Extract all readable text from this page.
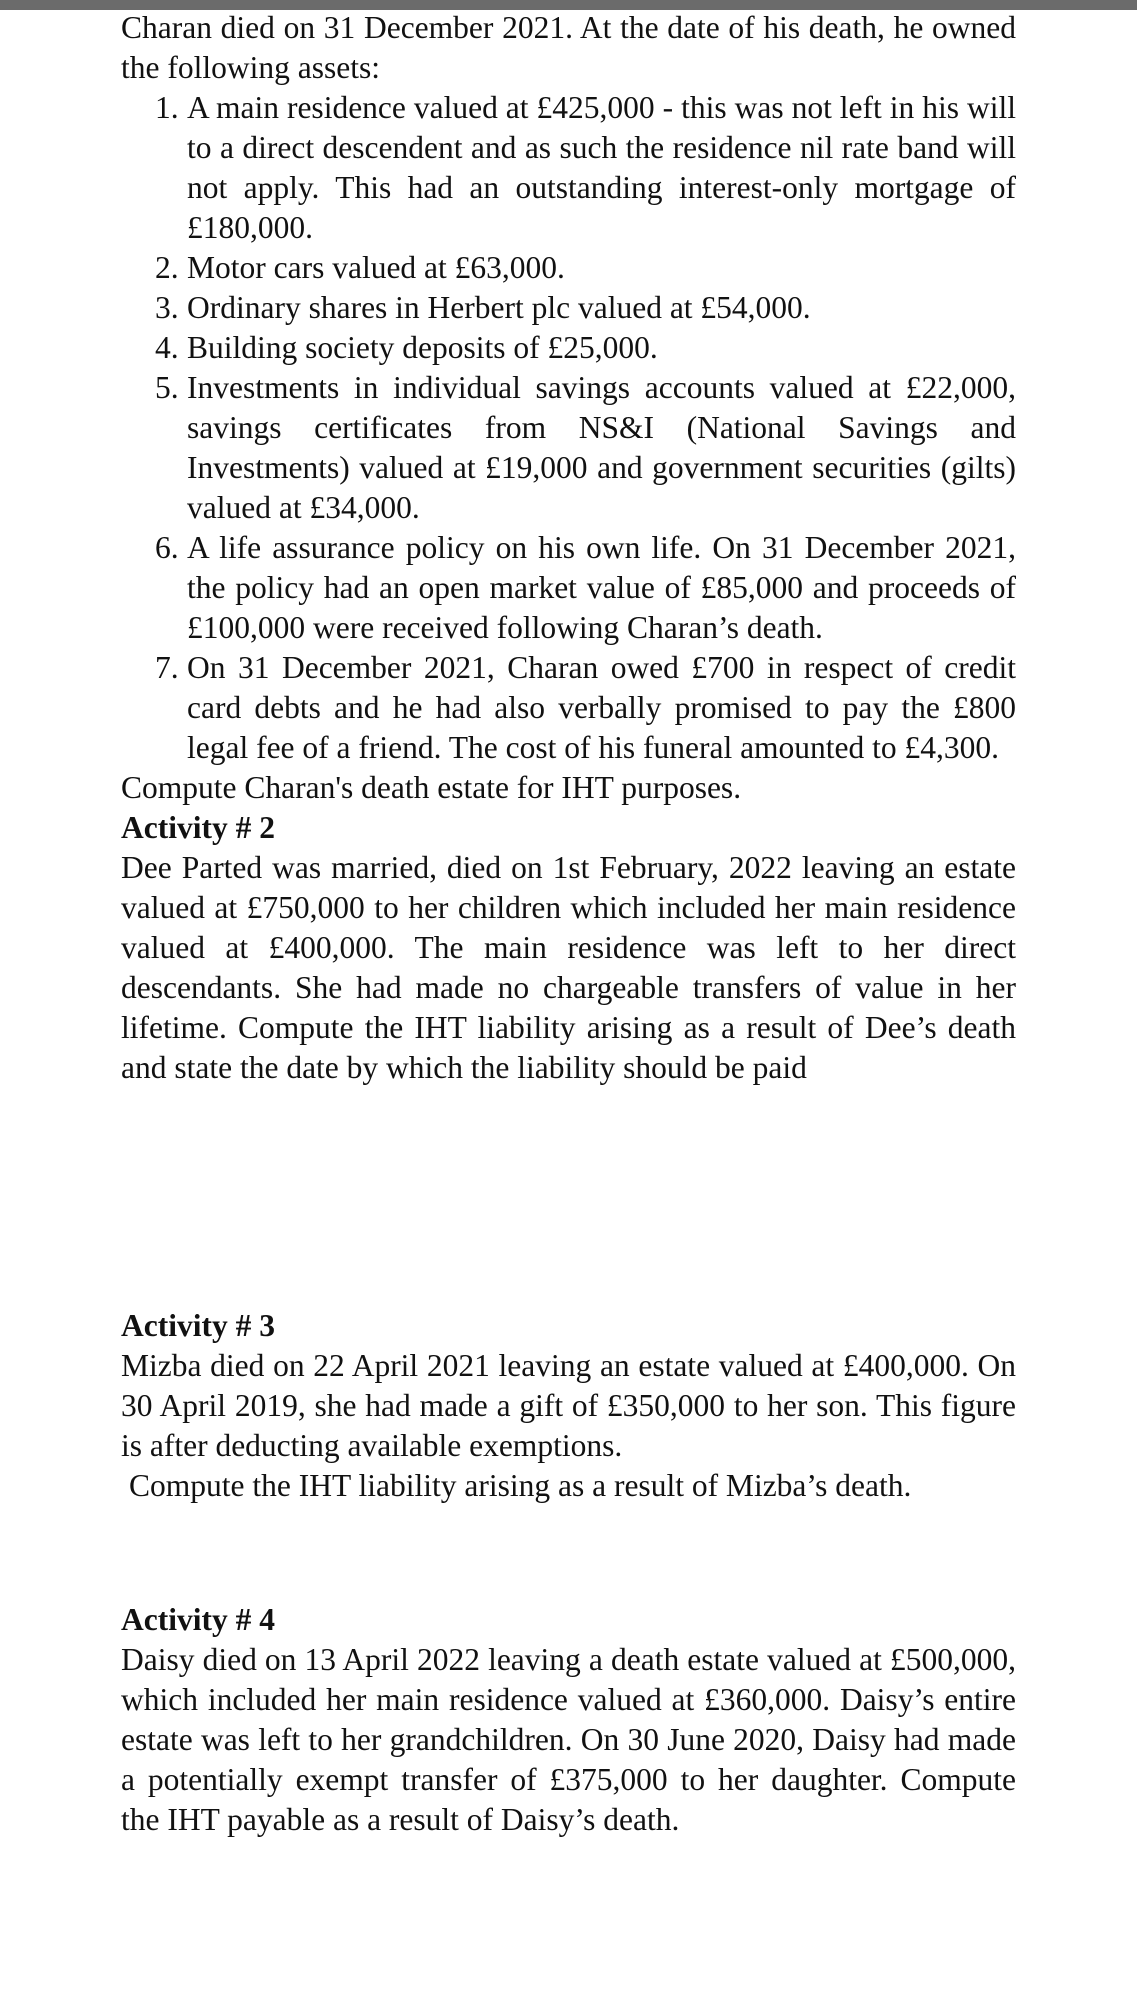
Charan died on 31 December 2021. At the date of his death, he owned the following assets:

1. A main residence valued at £425,000 - this was not left in his will to a direct descendent and as such the residence nil rate band will not apply. This had an outstanding interest-only mortgage of £180,000.
2. Motor cars valued at £63,000.
3. Ordinary shares in Herbert plc valued at £54,000.
4. Building society deposits of £25,000.
5. Investments in individual savings accounts valued at £22,000, savings certificates from NS&I (National Savings and Investments) valued at £19,000 and government securities (gilts) valued at £34,000.
6. A life assurance policy on his own life. On 31 December 2021, the policy had an open market value of £85,000 and proceeds of £100,000 were received following Charan’s death.
7. On 31 December 2021, Charan owed £700 in respect of credit card debts and he had also verbally promised to pay the £800 legal fee of a friend. The cost of his funeral amounted to £4,300.

Compute Charan's death estate for IHT purposes.

Activity # 2

Dee Parted was married, died on 1st February, 2022 leaving an estate valued at £750,000 to her children which included her main residence valued at £400,000. The main residence was left to her direct descendants. She had made no chargeable transfers of value in her lifetime. Compute the IHT liability arising as a result of Dee’s death and state the date by which the liability should be paid

Activity # 3

Mizba died on 22 April 2021 leaving an estate valued at £400,000. On 30 April 2019, she had made a gift of £350,000 to her son. This figure is after deducting available exemptions.
Compute the IHT liability arising as a result of Mizba’s death.

Activity # 4

Daisy died on 13 April 2022 leaving a death estate valued at £500,000, which included her main residence valued at £360,000. Daisy’s entire estate was left to her grandchildren. On 30 June 2020, Daisy had made a potentially exempt transfer of £375,000 to her daughter. Compute the IHT payable as a result of Daisy’s death.
